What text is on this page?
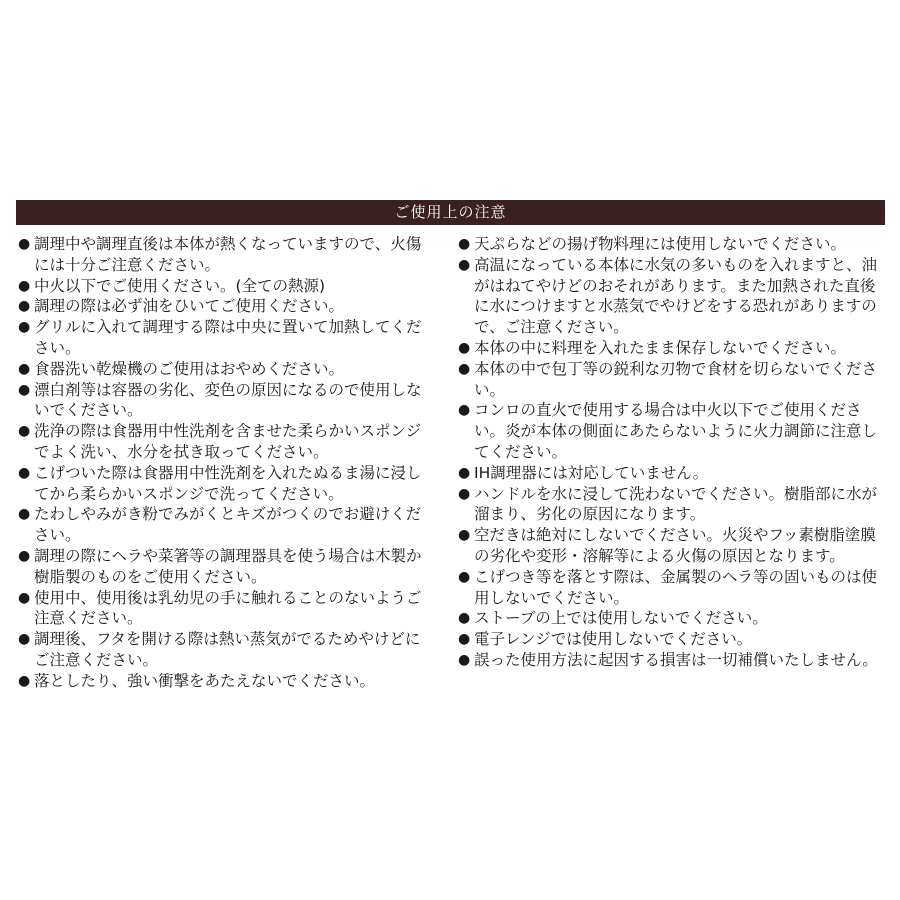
ご使用上の注意
● 調理中や調理直後は本体が熱くなっていますので、火傷
には十分ご注意ください。
● 中火以下でご使用ください。(全ての熱源)
● 調理の際は必ず油をひいてご使用ください。
● グリルに入れて調理する際は中央に置いて加熱してくだ
さい。
● 食器洗い乾燥機のご使用はおやめください。
● 漂白剤等は容器の劣化、変色の原因になるので使用しな
いでください。
● 洗浄の際は食器用中性洗剤を含ませた柔らかいスポンジ
でよく洗い、水分を拭き取ってください。
● こげついた際は食器用中性洗剤を入れたぬるま湯に浸し
てから柔らかいスポンジで洗ってください。
● たわしやみがき粉でみがくとキズがつくのでお避けくだ
さい。
● 調理の際にヘラや菜箸等の調理器具を使う場合は木製か
樹脂製のものをご使用ください。
● 使用中、使用後は乳幼児の手に触れることのないようご
注意ください。
● 調理後、フタを開ける際は熱い蒸気がでるためやけどに
ご注意ください。
● 落としたり、強い衝撃をあたえないでください。
● 天ぷらなどの揚げ物料理には使用しないでください。
● 高温になっている本体に水気の多いものを入れますと、油
がはねてやけどのおそれがあります。また加熱された直後
に水につけますと水蒸気でやけどをする恐れがありますの
で、ご注意ください。
● 本体の中に料理を入れたまま保存しないでください。
● 本体の中で包丁等の鋭利な刃物で食材を切らないでくださ
い。
● コンロの直火で使用する場合は中火以下でご使用くださ
い。炎が本体の側面にあたらないように火力調節に注意し
てください。
● IH調理器には対応していません。
● ハンドルを水に浸して洗わないでください。樹脂部に水が
溜まり、劣化の原因になります。
● 空だきは絶対にしないでください。火災やフッ素樹脂塗膜
の劣化や変形・溶解等による火傷の原因となります。
● こげつき等を落とす際は、金属製のヘラ等の固いものは使
用しないでください。
● ストーブの上では使用しないでください。
● 電子レンジでは使用しないでください。
● 誤った使用方法に起因する損害は一切補償いたしません。
